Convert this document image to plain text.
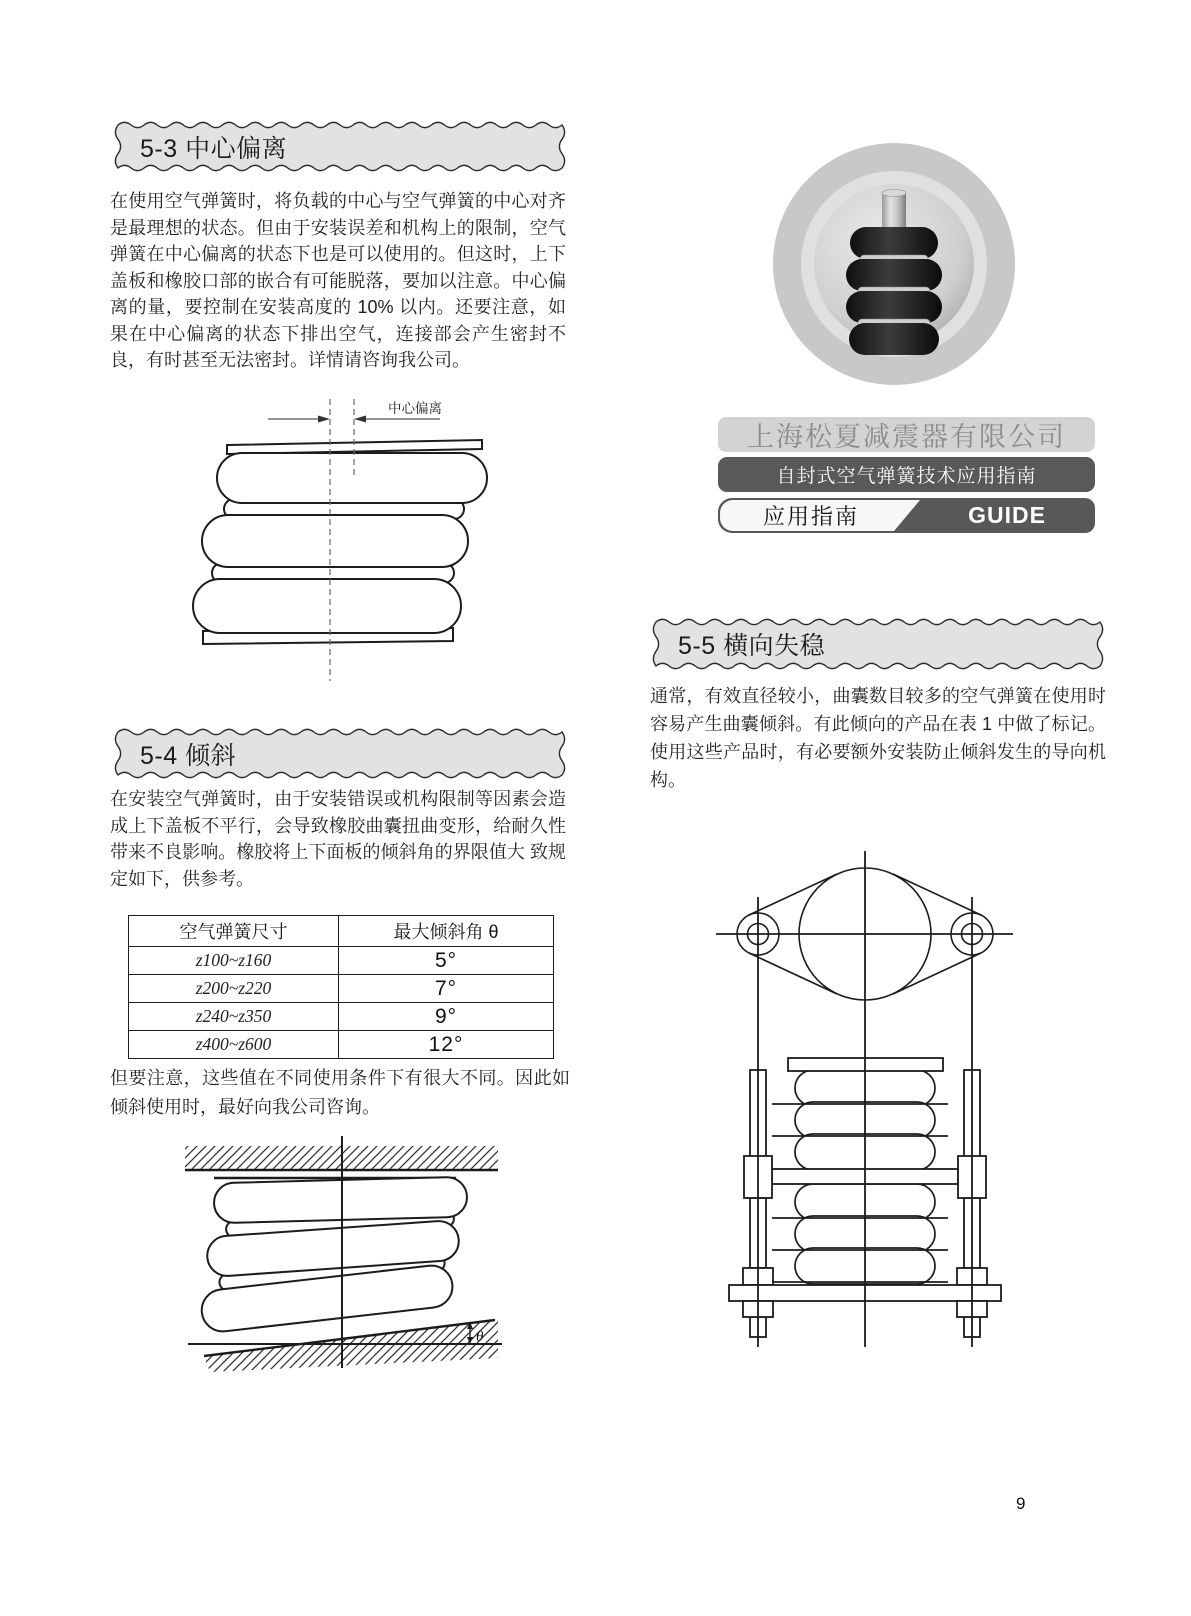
5-3 中心偏离
在使用空气弹簧时，将负载的中心与空气弹簧的中心对齐是最理想的状态。但由于安装误差和机构上的限制，空气弹簧在中心偏离的状态下也是可以使用的。但这时，上下盖板和橡胶口部的嵌合有可能脱落，要加以注意。中心偏离的量，要控制在安装高度的 10% 以内。还要注意，如果在中心偏离的状态下排出空气，连接部会产生密封不良，有时甚至无法密封。详情请咨询我公司。
中心偏离
5-4 倾斜
在安装空气弹簧时，由于安装错误或机构限制等因素会造成上下盖板不平行，会导致橡胶曲囊扭曲变形，给耐久性带来不良影响。橡胶将上下面板的倾斜角的界限值大 致规定如下，供参考。
空气弹簧尺寸	最大倾斜角 θ
z100~z160	5°
z200~z220	7°
z240~z350	9°
z400~z600	12°
但要注意，这些值在不同使用条件下有很大不同。因此如倾斜使用时，最好向我公司咨询。
θ
上海松夏减震器有限公司
自封式空气弹簧技术应用指南
应用指南	GUIDE
5-5 横向失稳
通常，有效直径较小，曲囊数目较多的空气弹簧在使用时容易产生曲囊倾斜。有此倾向的产品在表 1 中做了标记。使用这些产品时，有必要额外安装防止倾斜发生的导向机构。
9
